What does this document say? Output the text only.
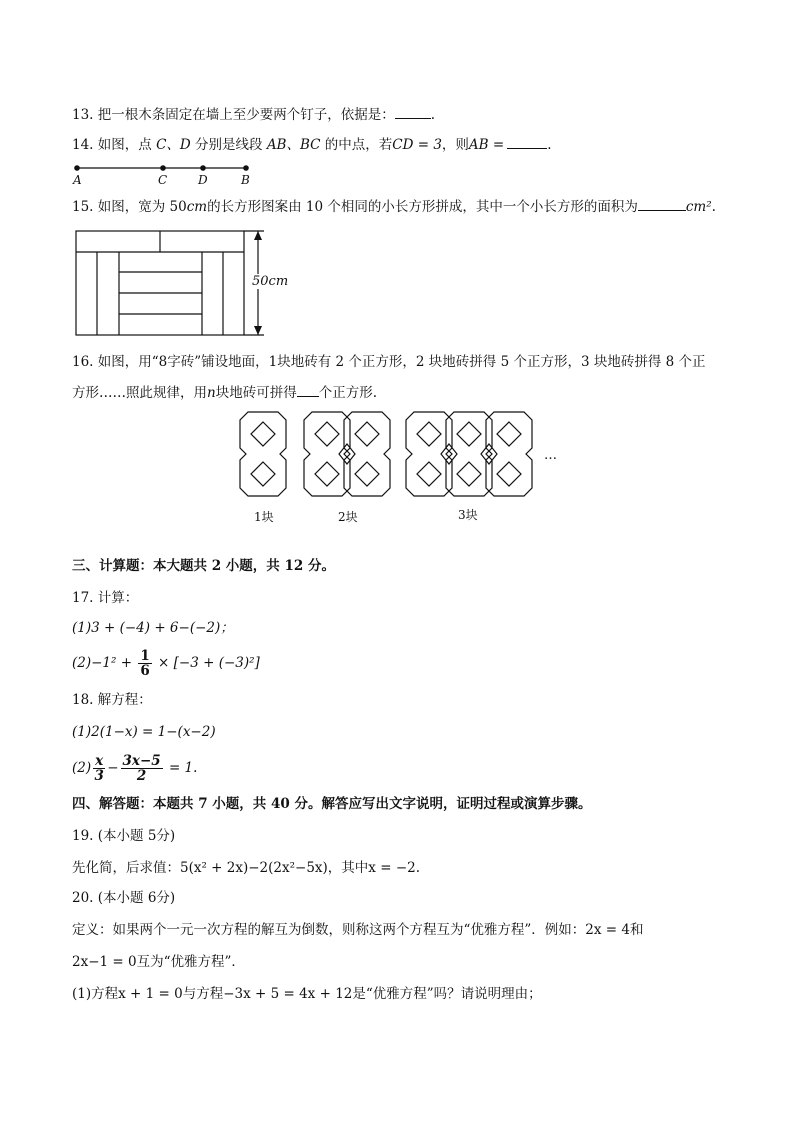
13. 把一根木条固定在墙上至少要两个钉子，依据是：	.
14. 如图，点 C、D 分别是线段 AB、BC 的中点，若CD = 3，则AB =	.
A	C	D	B
15. 如图，宽为 50cm的长方形图案由 10 个相同的小长方形拼成，其中一个小长方形的面积为	cm².
50cm
16. 如图，用“8字砖”铺设地面，1块地砖有 2 个正方形，2 块地砖拼得 5 个正方形，3 块地砖拼得 8 个正
方形……照此规律，用n块地砖可拼得 个正方形.
…
1块	2块	3块
三、计算题：本大题共 2 小题，共 12 分。
17. 计算：
(1)3 + (−4) + 6−(−2)；
$(2)-1^2 + \frac{1}{6} \times [-3 + (-3)^2]$
18. 解方程：
(1)2(1−x) = 1−(x−2)
$(2) \frac{x}{3} - \frac{3x-5}{2} = 1$.
四、解答题：本题共 7 小题，共 40 分。解答应写出文字说明，证明过程或演算步骤。
19. (本小题 5分)
先化简，后求值：5(x² + 2x)−2(2x²−5x)，其中x = −2.
20. (本小题 6分)
定义：如果两个一元一次方程的解互为倒数，则称这两个方程互为“优雅方程”．例如：2x = 4和
2x−1 = 0互为“优雅方程”．
(1)方程x + 1 = 0与方程−3x + 5 = 4x + 12是“优雅方程”吗？请说明理由；
